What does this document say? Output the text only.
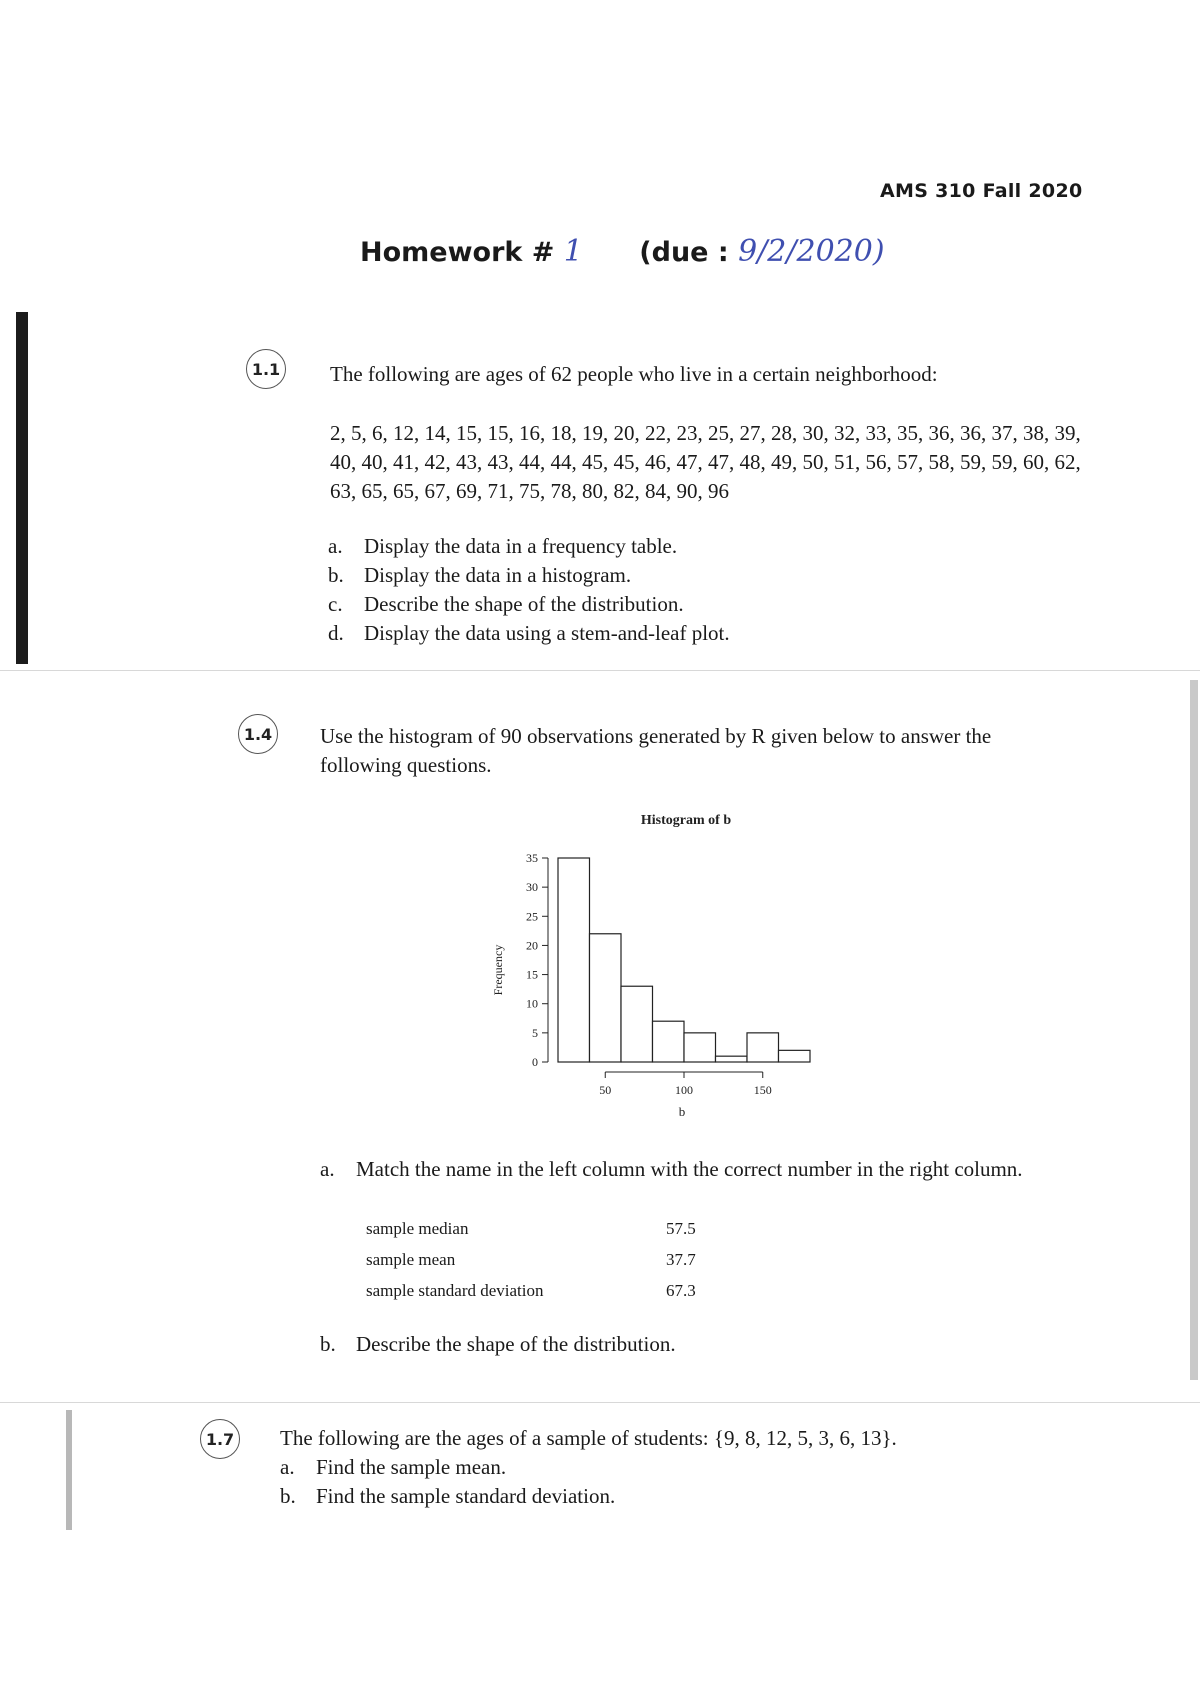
AMS 310 Fall 2020
Homework # 1 (due : 9/2/2020)
1.1 The following are ages of 62 people who live in a certain neighborhood:
2, 5, 6, 12, 14, 15, 15, 16, 18, 19, 20, 22, 23, 25, 27, 28, 30, 32, 33, 35, 36, 36, 37, 38, 39,
40, 40, 41, 42, 43, 43, 44, 44, 45, 45, 46, 47, 47, 48, 49, 50, 51, 56, 57, 58, 59, 59, 60, 62,
63, 65, 65, 67, 69, 71, 75, 78, 80, 82, 84, 90, 96
a.	Display the data in a frequency table.
b. Display the data in a histogram.
c.	Describe the shape of the distribution.
d. Display the data using a stem-and-leaf plot.
1.4 Use the histogram of 90 observations generated by R given below to answer the
following questions.
Histogram of b
0
5
10
15
20
25
30
35
50	100	150
b
Frequency
a.	Match the name in the left column with the correct number in the right column.
sample median	57.5
sample mean	37.7
sample standard deviation	67.3
b. Describe the shape of the distribution.
1.7 The following are the ages of a sample of students: {9, 8, 12, 5, 3, 6, 13}.
a.	Find the sample mean.
b. Find the sample standard deviation.
